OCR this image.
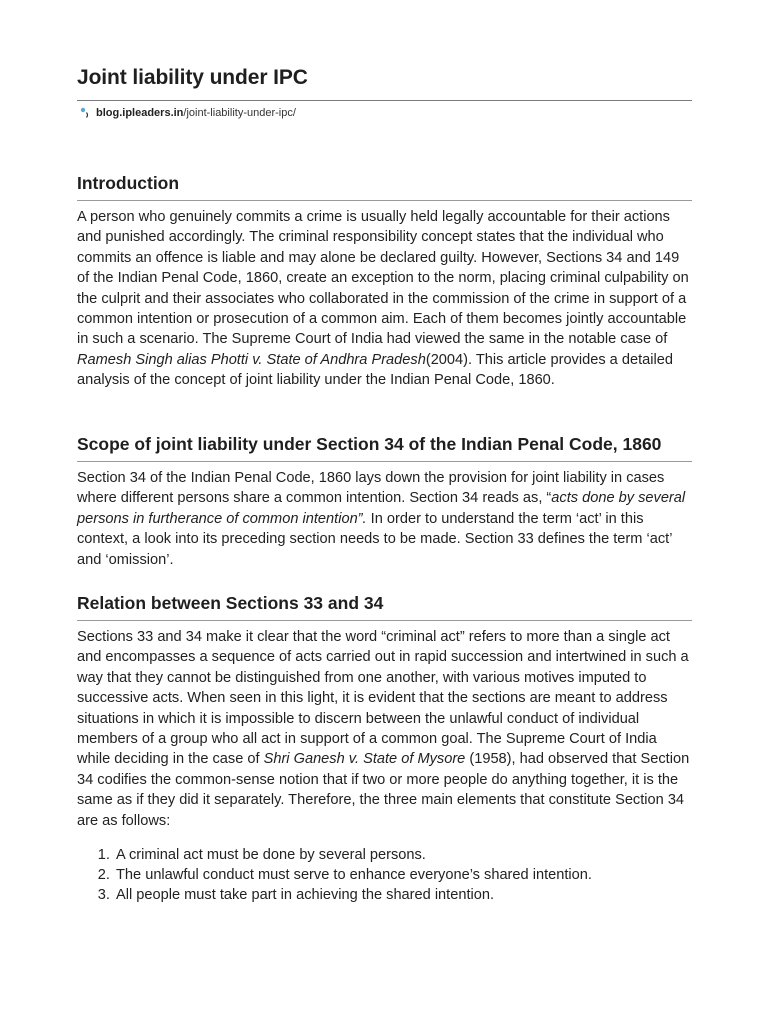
Joint liability under IPC
blog.ipleaders.in /joint-liability-under-ipc/
Introduction

A person who genuinely commits a crime is usually held legally accountable for their actions and punished accordingly. The criminal responsibility concept states that the individual who commits an offence is liable and may alone be declared guilty. However, Sections 34 and 149 of the Indian Penal Code, 1860, create an exception to the norm, placing criminal culpability on the culprit and their associates who collaborated in the commission of the crime in support of a common intention or prosecution of a common aim. Each of them becomes jointly accountable in such a scenario. The Supreme Court of India had viewed the same in the notable case of Ramesh Singh alias Photti v. State of Andhra Pradesh(2004). This article provides a detailed analysis of the concept of joint liability under the Indian Penal Code, 1860.

Scope of joint liability under Section 34 of the Indian Penal Code, 1860

Section 34 of the Indian Penal Code, 1860 lays down the provision for joint liability in cases where different persons share a common intention. Section 34 reads as, “acts done by several persons in furtherance of common intention”. In order to understand the term ‘act’ in this context, a look into its preceding section needs to be made. Section 33 defines the term ‘act’ and ‘omission’.

Relation between Sections 33 and 34

Sections 33 and 34 make it clear that the word “criminal act” refers to more than a single act and encompasses a sequence of acts carried out in rapid succession and intertwined in such a way that they cannot be distinguished from one another, with various motives imputed to successive acts. When seen in this light, it is evident that the sections are meant to address situations in which it is impossible to discern between the unlawful conduct of individual members of a group who all act in support of a common goal. The Supreme Court of India while deciding in the case of Shri Ganesh v. State of Mysore (1958), had observed that Section 34 codifies the common-sense notion that if two or more people do anything together, it is the same as if they did it separately. Therefore, the three main elements that constitute Section 34 are as follows:

1. A criminal act must be done by several persons.
2. The unlawful conduct must serve to enhance everyone’s shared intention.
3. All people must take part in achieving the shared intention.
